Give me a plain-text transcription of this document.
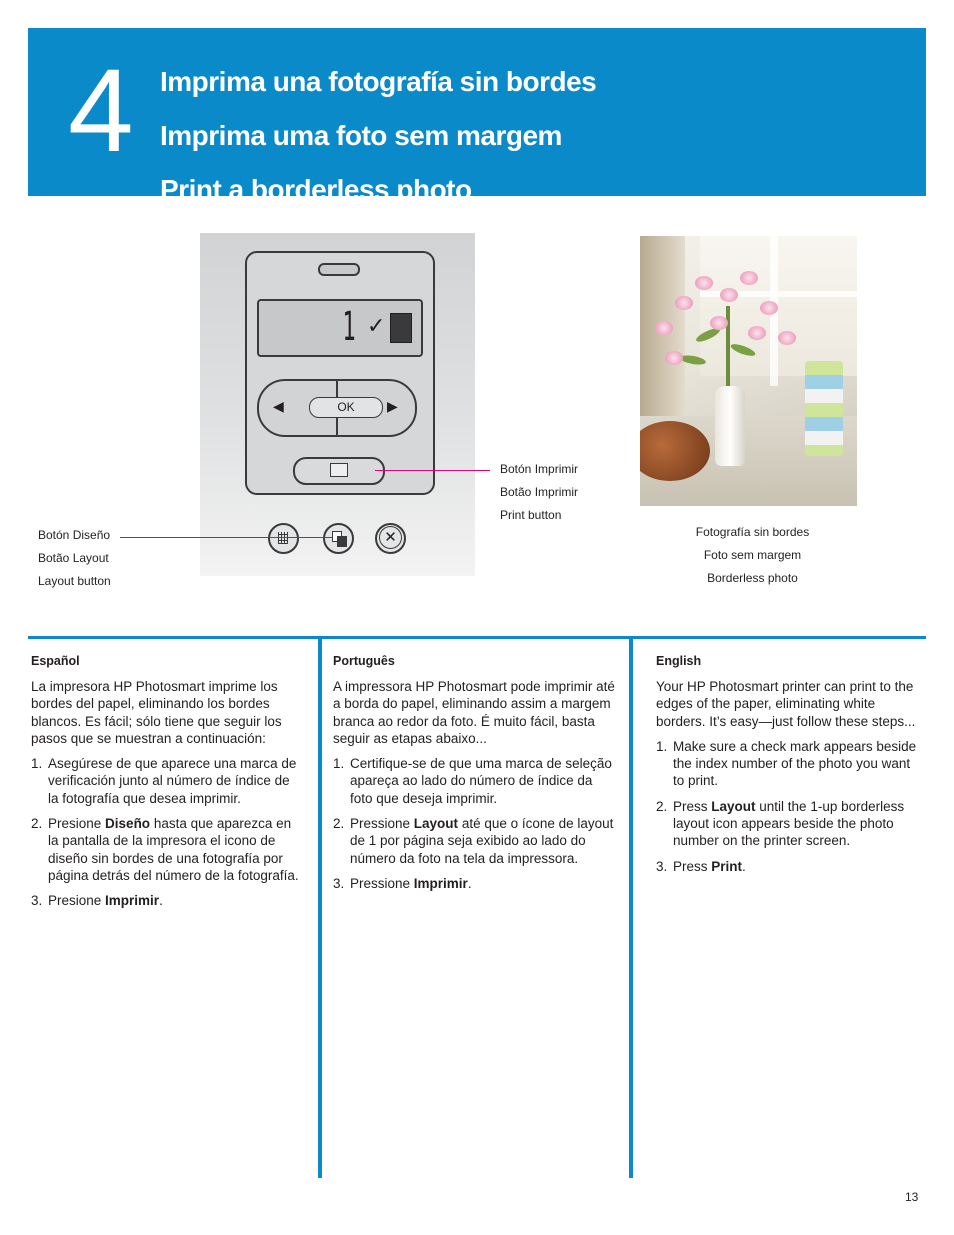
4 Imprima una fotografía sin bordes
Imprima uma foto sem margem
Print a borderless photo
1 ✓
◀	OK	▶
✕
Botón Imprimir
Botão Imprimir
Print button
Botón Diseño
Botão Layout
Layout button
Fotografía sin bordes
Foto sem margem
Borderless photo
Español

La impresora HP Photosmart imprime los bordes del papel, eliminando los bordes blancos. Es fácil; sólo tiene que seguir los pasos que se muestran a continuación:

1. Asegúrese de que aparece una marca de verificación junto al número de índice de la fotografía que desea imprimir.
2. Presione Diseño hasta que aparezca en la pantalla de la impresora el icono de diseño sin bordes de una fotografía por página detrás del número de la fotografía.
3. Presione Imprimir.
Português

A impressora HP Photosmart pode imprimir até a borda do papel, eliminando assim a margem branca ao redor da foto. É muito fácil, basta seguir as etapas abaixo...

1. Certifique-se de que uma marca de seleção apareça ao lado do número de índice da foto que deseja imprimir.
2. Pressione Layout até que o ícone de layout de 1 por página seja exibido ao lado do número da foto na tela da impressora.
3. Pressione Imprimir.
English

Your HP Photosmart printer can print to the edges of the paper, eliminating white borders. It’s easy—just follow these steps...

1. Make sure a check mark appears beside the index number of the photo you want to print.
2. Press Layout until the 1-up borderless layout icon appears beside the photo number on the printer screen.
3. Press Print.
13
